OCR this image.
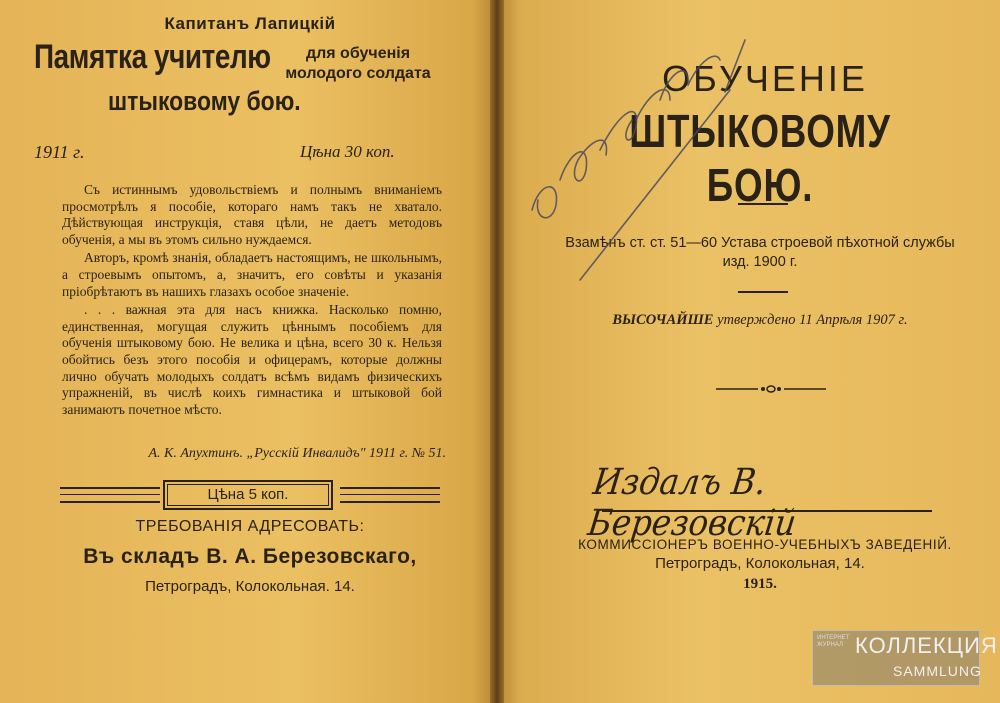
Капитанъ Лапицкій
Памятка учителю	для обученія молодого солдата
штыковому бою.
1911 г.	Цѣна 30 коп.

Съ истиннымъ удовольствіемъ и полнымъ вниманіемъ просмотрѣлъ я пособіе, котораго намъ такъ не хватало. Дѣйствующая инструкція, ставя цѣли, не даетъ методовъ обученія, а мы въ этомъ сильно нуждаемся.

Авторъ, кромѣ знанія, обладаетъ настоящимъ, не школьнымъ, а строевымъ опытомъ, а, значитъ, его совѣты и указанія пріобрѣтаютъ въ нашихъ глазахъ особое значеніе.

. . . важная эта для насъ книжка. Насколько помню, единственная, могущая служить цѣннымъ пособіемъ для обученія штыковому бою. Не велика и цѣна, всего 30 к. Нельзя обойтись безъ этого пособія и офицерамъ, которые должны лично обучать молодыхъ солдатъ всѣмъ видамъ физическихъ упражненій, въ числѣ коихъ гимнастика и штыковой бой занимаютъ почетное мѣсто.

А. К. Апухтинъ. „Русскій Инвалидъ" 1911 г. № 51.
Цѣна 5 коп.
ТРЕБОВАНІЯ АДРЕСОВАТЬ:
Въ складъ В. А. Березовскаго,
Петроградъ, Колокольная. 14.
ОБУЧЕНІЕ
ШТЫКОВОМУ БОЮ.
Взамѣнъ ст. ст. 51—60 Устава строевой пѣхотной службы изд. 1900 г.
ВЫСОЧАЙШЕ утверждено 11 Апрѣля 1907 г.
Издалъ В. Березовскій
КОММИССІОНЕРЪ ВОЕННО-УЧЕБНЫХЪ ЗАВЕДЕНІЙ.
Петроградъ, Колокольная, 14.
1915.
ИНТЕРНЕТ ЖУРНАЛ КОЛЛЕКЦИЯ
SAMMLUNG
